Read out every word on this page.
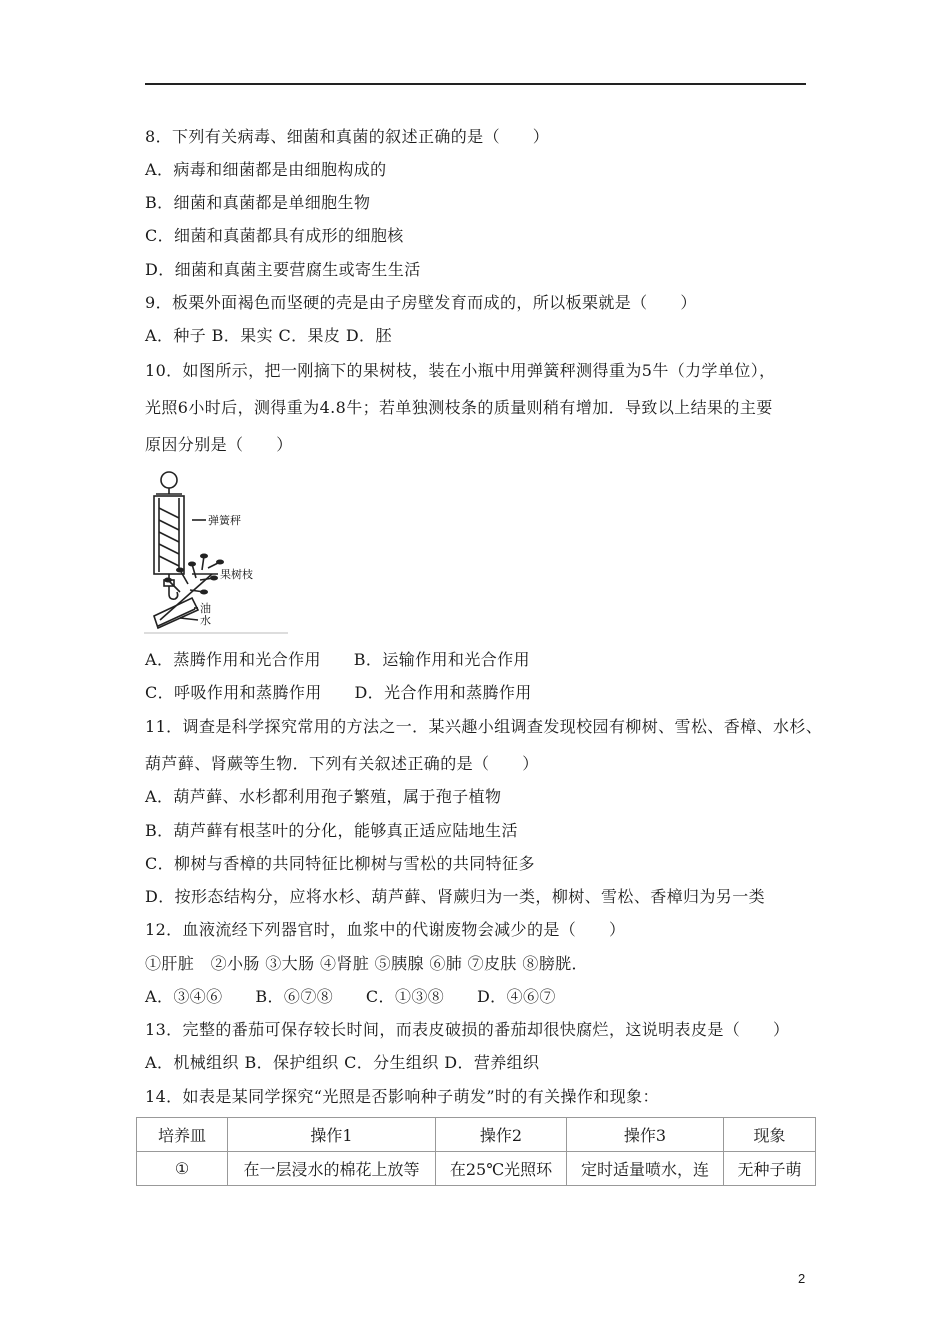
8．下列有关病毒、细菌和真菌的叙述正确的是（　　）
A．病毒和细菌都是由细胞构成的
B．细菌和真菌都是单细胞生物
C．细菌和真菌都具有成形的细胞核
D．细菌和真菌主要营腐生或寄生生活
9．板栗外面褐色而坚硬的壳是由子房壁发育而成的，所以板栗就是（　　）
A．种子 B．果实 C．果皮 D．胚
10．如图所示，把一刚摘下的果树枝，装在小瓶中用弹簧秤测得重为5牛（力学单位），
光照6小时后，测得重为4.8牛；若单独测枝条的质量则稍有增加．导致以上结果的主要
原因分别是（　　）
弹簧秤
果树枝
油
水
A．蒸腾作用和光合作用　　B．运输作用和光合作用
C．呼吸作用和蒸腾作用　　D．光合作用和蒸腾作用
11．调查是科学探究常用的方法之一．某兴趣小组调查发现校园有柳树、雪松、香樟、水杉、
葫芦藓、肾蕨等生物．下列有关叙述正确的是（　　）
A．葫芦藓、水杉都利用孢子繁殖，属于孢子植物
B．葫芦藓有根茎叶的分化，能够真正适应陆地生活
C．柳树与香樟的共同特征比柳树与雪松的共同特征多
D．按形态结构分，应将水杉、葫芦藓、肾蕨归为一类，柳树、雪松、香樟归为另一类
12．血液流经下列器官时，血浆中的代谢废物会减少的是（　　）
①肝脏　②小肠 ③大肠 ④肾脏 ⑤胰腺 ⑥肺 ⑦皮肤 ⑧膀胱．
A．③④⑥　　B．⑥⑦⑧　　C．①③⑧　　D．④⑥⑦
13．完整的番茄可保存较长时间，而表皮破损的番茄却很快腐烂，这说明表皮是（　　）
A．机械组织 B．保护组织 C．分生组织 D．营养组织
14．如表是某同学探究“光照是否影响种子萌发”时的有关操作和现象：
培养皿	操作1	操作2	操作3	现象
①	在一层浸水的棉花上放等	在25℃光照环	定时适量喷水，连	无种子萌
2
